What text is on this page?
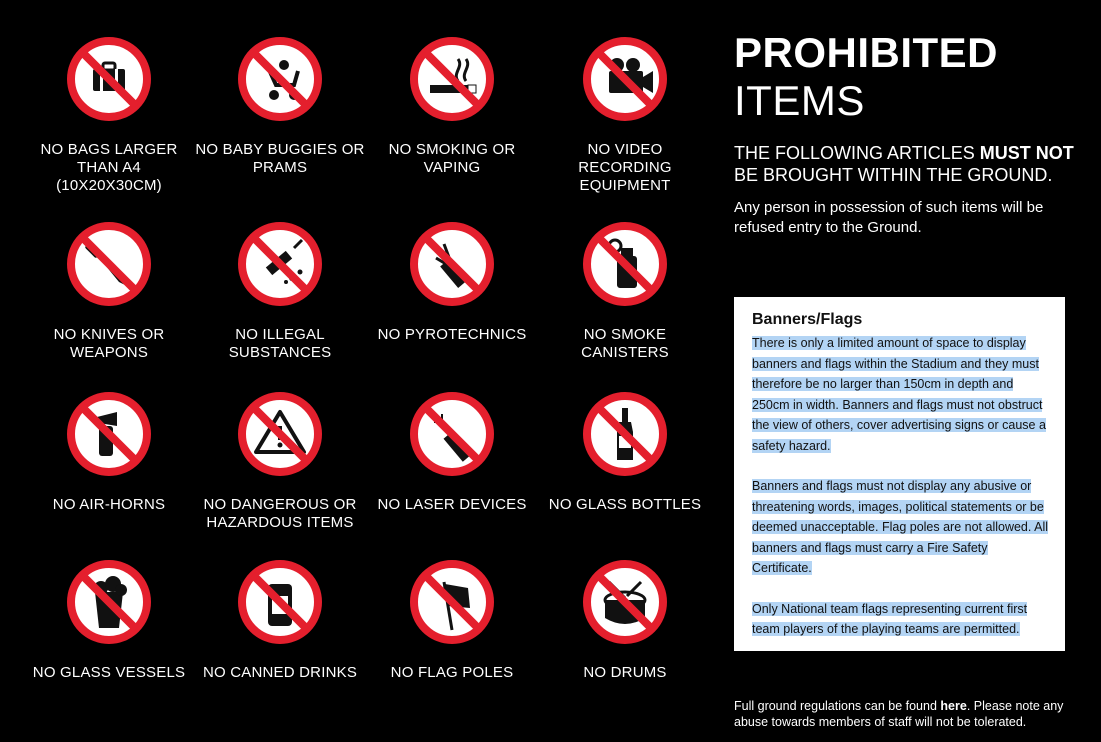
NO BAGS LARGER THAN A4 (10X20X30CM)
NO BABY BUGGIES OR PRAMS
NO SMOKING OR VAPING
NO VIDEO RECORDING EQUIPMENT
NO KNIVES OR WEAPONS
NO ILLEGAL SUBSTANCES
NO PYROTECHNICS	NO SMOKE CANISTERS
NO AIR-HORNS	NO DANGEROUS OR HAZARDOUS ITEMS
NO LASER DEVICES	NO GLASS BOTTLES
NO GLASS VESSELS	NO CANNED DRINKS	NO FLAG POLES	NO DRUMS
PROHIBITED
ITEMS
THE FOLLOWING ARTICLES MUST NOT BE BROUGHT WITHIN THE GROUND.
Any person in possession of such items will be refused entry to the Ground.
Banners/Flags

There is only a limited amount of space to display banners and flags within the Stadium and they must therefore be no larger than 150cm in depth and 250cm in width. Banners and flags must not obstruct the view of others, cover advertising signs or cause a safety hazard.

Banners and flags must not display any abusive or threatening words, images, political statements or be deemed unacceptable. Flag poles are not allowed. All banners and flags must carry a Fire Safety Certificate.

Only National team flags representing current first team players of the playing teams are permitted.

Full ground regulations can be found here. Please note any abuse towards members of staff will not be tolerated.
